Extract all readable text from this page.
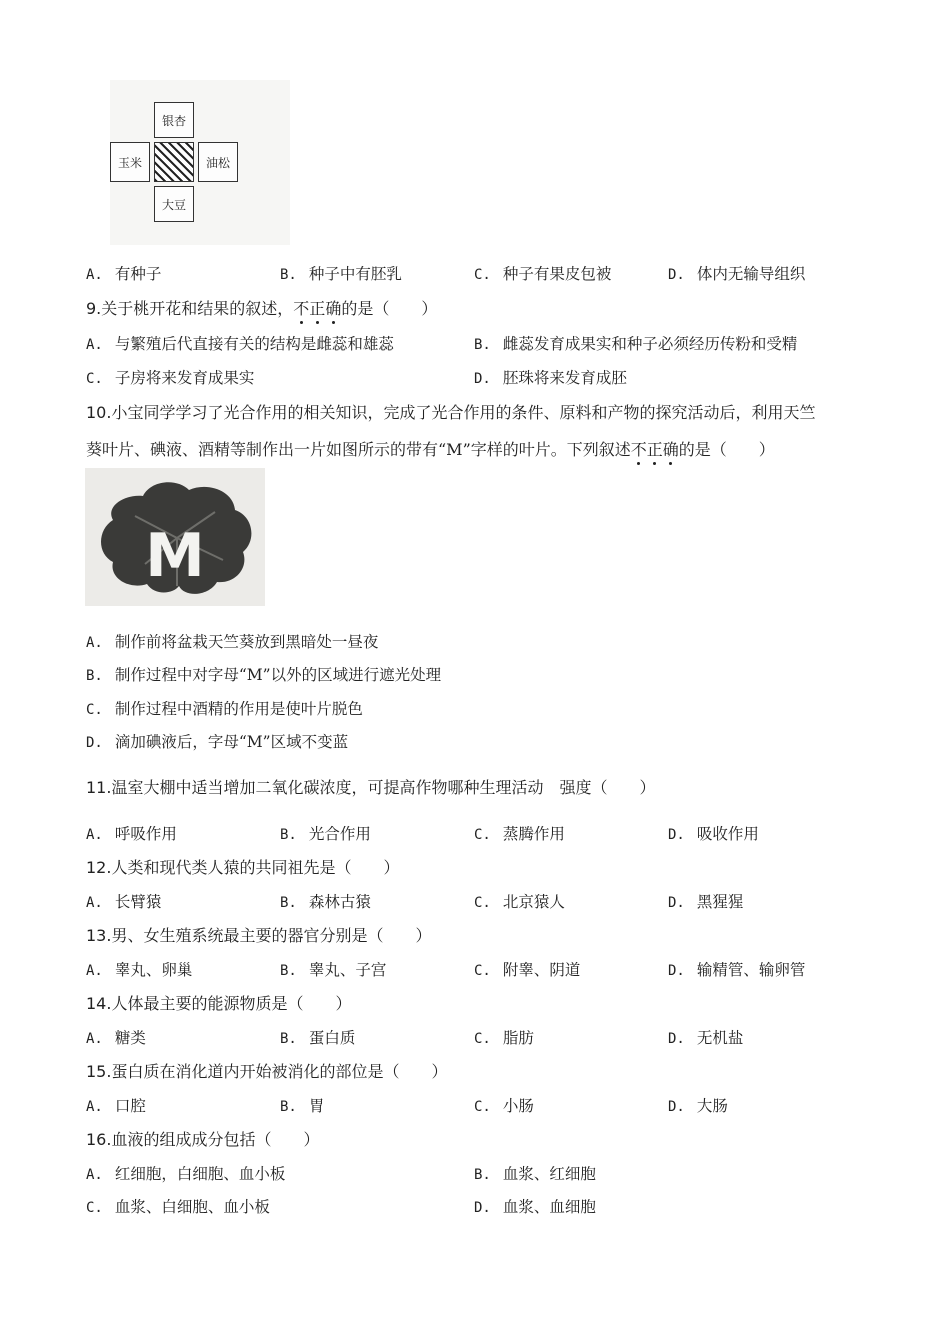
银杏
玉米	油松
大豆
A. 有种子	B. 种子中有胚乳	C. 种子有果皮包被	D. 体内无输导组织
9.关于桃开花和结果的叙述，不正确的是（　　）
A. 与繁殖后代直接有关的结构是雌蕊和雄蕊	B. 雌蕊发育成果实和种子必须经历传粉和受精
C. 子房将来发育成果实	D. 胚珠将来发育成胚
10.小宝同学学习了光合作用的相关知识，完成了光合作用的条件、原料和产物的探究活动后，利用天竺
葵叶片、碘液、酒精等制作出一片如图所示的带有“M”字样的叶片。下列叙述不正确的是（　　）
M
A. 制作前将盆栽天竺葵放到黑暗处一昼夜
B. 制作过程中对字母“M”以外的区域进行遮光处理
C. 制作过程中酒精的作用是使叶片脱色
D. 滴加碘液后，字母“M”区域不变蓝
11.温室大棚中适当增加二氧化碳浓度，可提高作物哪种生理活动　强度（　　）
A. 呼吸作用	B. 光合作用	C. 蒸腾作用	D. 吸收作用
12.人类和现代类人猿的共同祖先是（　　）
A. 长臂猿	B. 森林古猿	C. 北京猿人	D. 黑猩猩
13.男、女生殖系统最主要的器官分别是（　　）
A. 睾丸、卵巢	B. 睾丸、子宫	C. 附睾、阴道	D. 输精管、输卵管
14.人体最主要的能源物质是（　　）
A. 糖类	B. 蛋白质	C. 脂肪	D. 无机盐
15.蛋白质在消化道内开始被消化的部位是（　　）
A. 口腔	B. 胃	C. 小肠	D. 大肠
16.血液的组成成分包括（　　）
A. 红细胞，白细胞、血小板	B. 血浆、红细胞
C. 血浆、白细胞、血小板	D. 血浆、血细胞
